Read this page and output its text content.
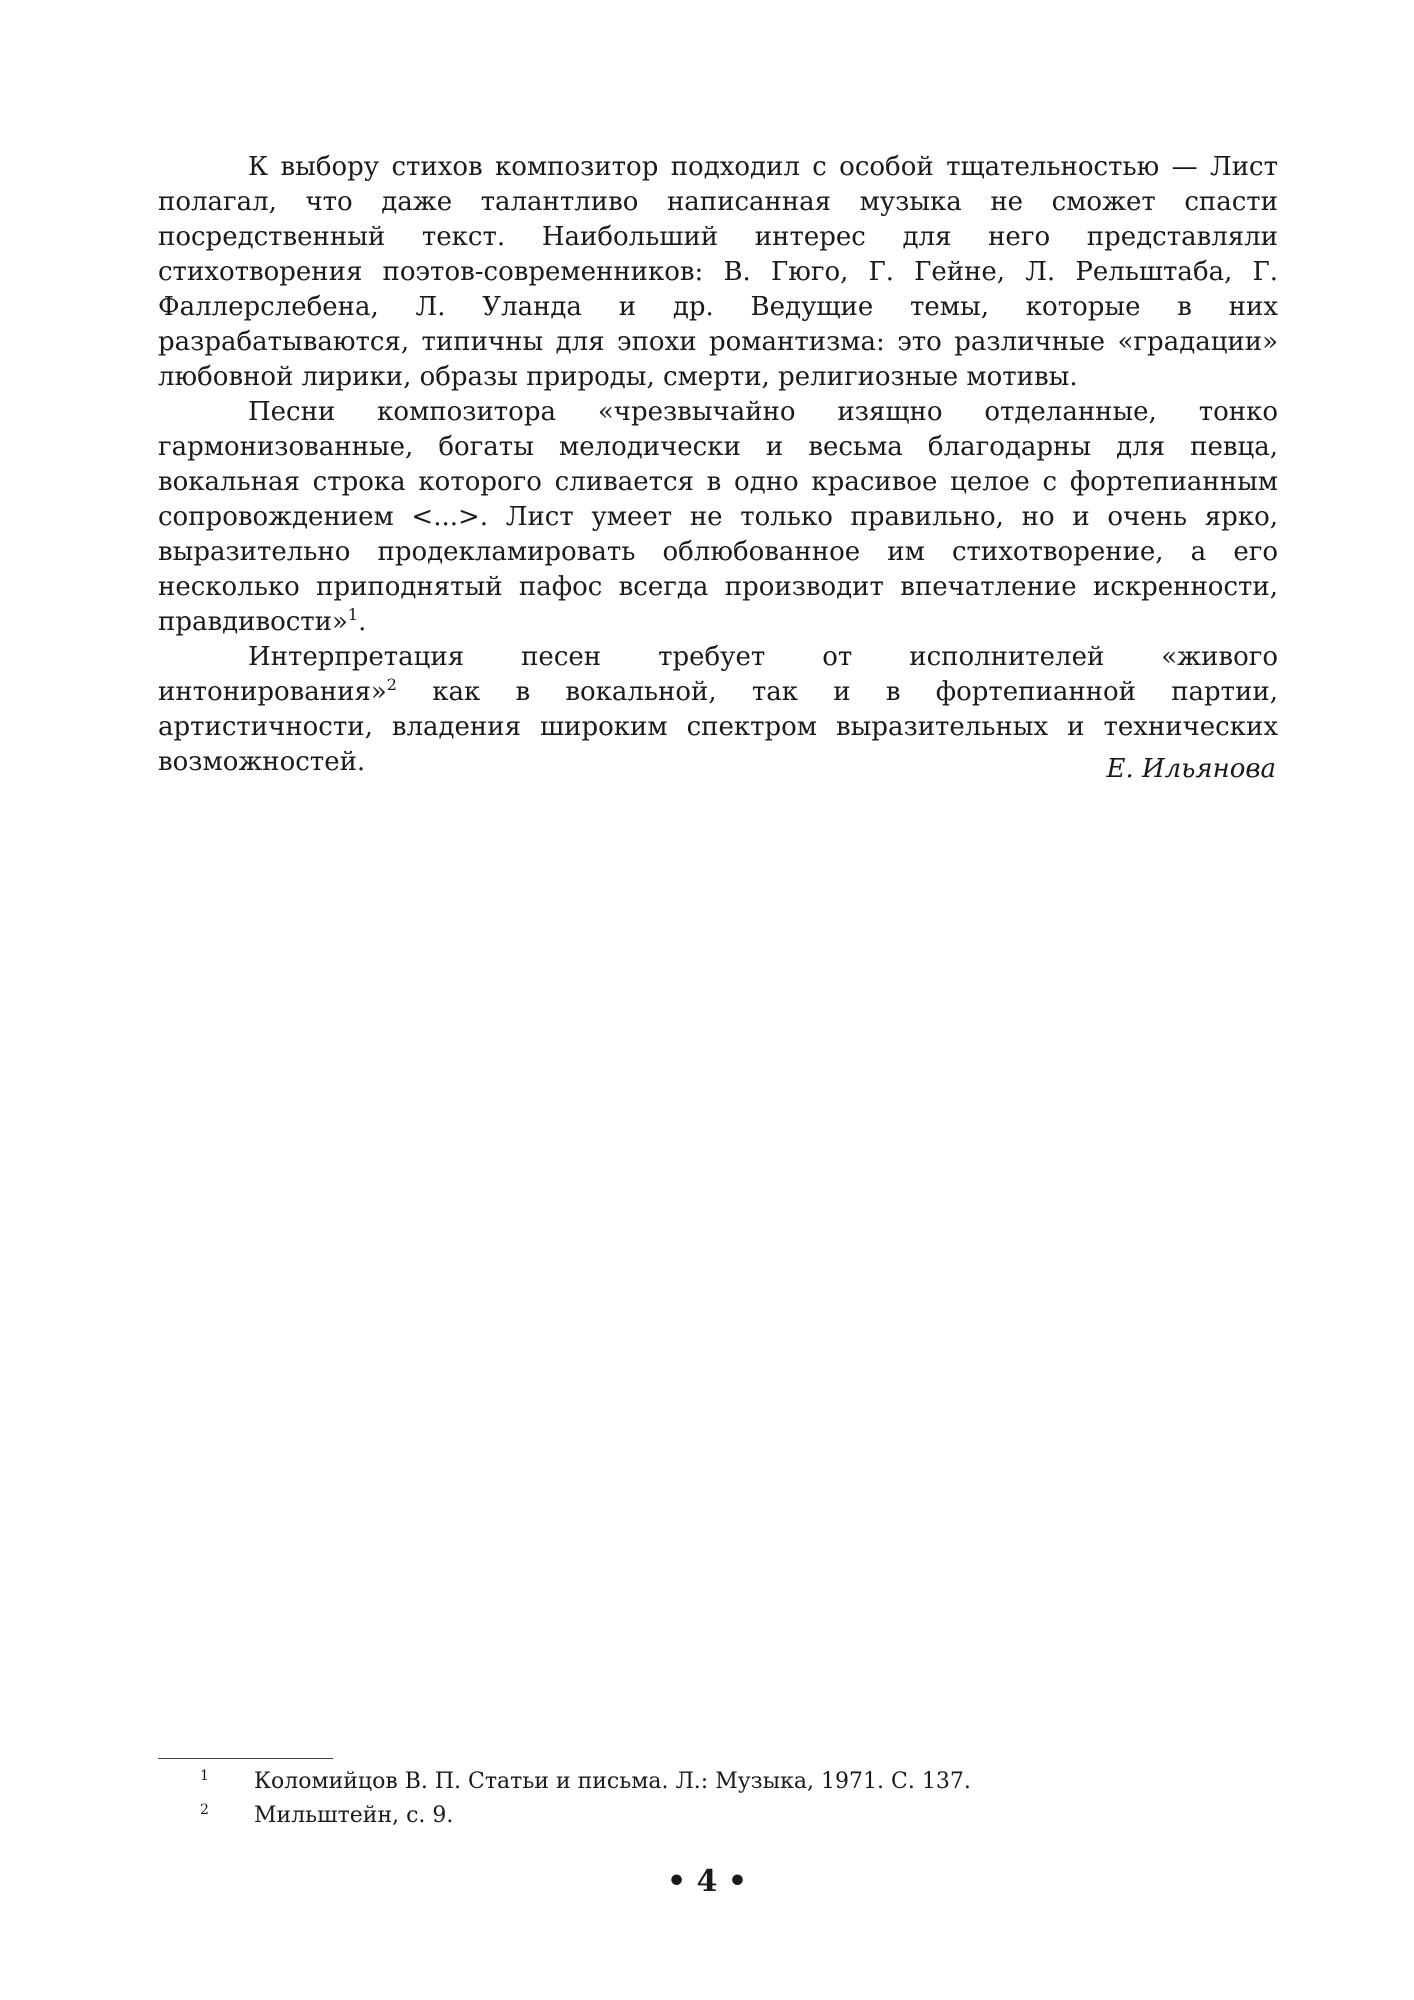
К выбору стихов композитор подходил с особой тщательностью — Лист полагал, что даже талантливо написанная музыка не сможет спасти посредственный текст. Наибольший интерес для него представляли стихотворения поэтов-современников: В. Гюго, Г. Гейне, Л. Рельштаба, Г. Фаллерслебена, Л. Уланда и др. Ведущие темы, которые в них разрабатываются, типичны для эпохи романтизма: это различные «градации» любовной лирики, образы природы, смерти, религиозные мотивы.

Песни композитора «чрезвычайно изящно отделанные, тонко гармонизованные, богаты мелодически и весьма благодарны для певца, вокальная строка которого сливается в одно красивое целое с фортепианным сопровождением <...>. Лист умеет не только правильно, но и очень ярко, выразительно продекламировать облюбованное им стихотворение, а его несколько приподнятый пафос всегда производит впечатление искренности, правдивости»$^1$.

Интерпретация песен требует от исполнителей «живого интонирования»$^2$ как в вокальной, так и в фортепианной партии, артистичности, владения широким спектром выразительных и технических возможностей.	Е. Ильянова
1 Коломийцов В. П. Статьи и письма. Л.: Музыка, 1971. С. 137.
2 Мильштейн, с. 9.
• 4 •
